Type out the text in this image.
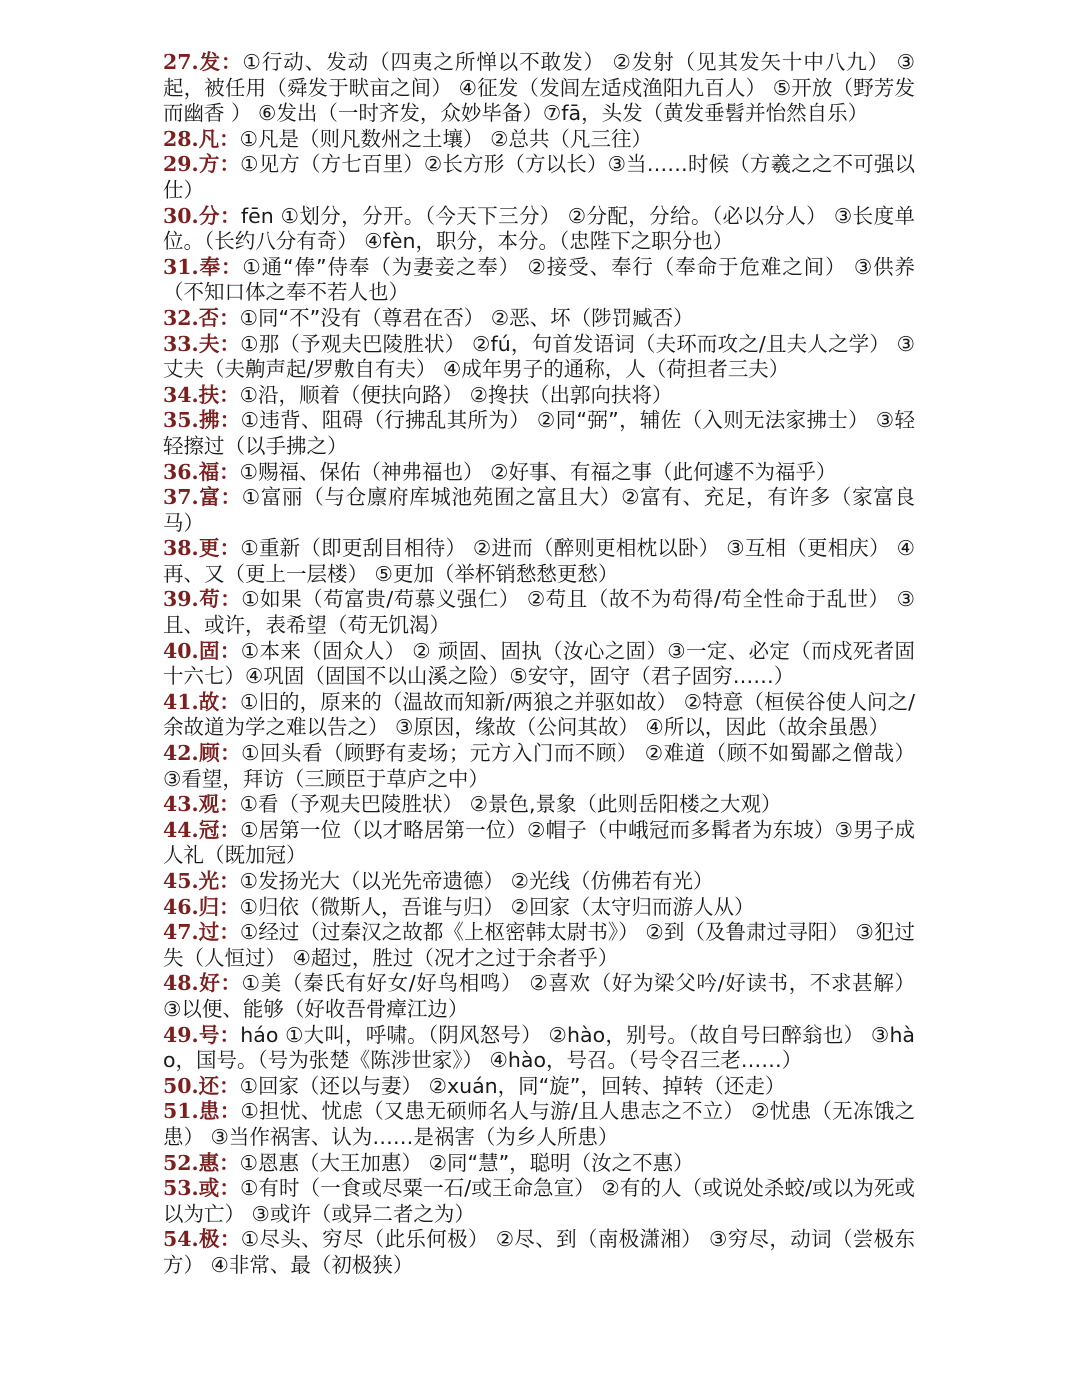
27.发：①行动、发动（四夷之所惮以不敢发） ②发射（见其发矢十中八九） ③起，被任用（舜发于畎亩之间） ④征发（发闾左适戍渔阳九百人） ⑤开放（野芳发而幽香 ） ⑥发出（一时齐发，众妙毕备）⑦fā，头发（黄发垂髫并怡然自乐）

28.凡：①凡是（则凡数州之土壤） ②总共（凡三往）

29.方：①见方（方七百里）②长方形（方以长）③当……时候（方羲之之不可强以仕）

30.分：fēn ①划分，分开。（今天下三分） ②分配，分给。（必以分人） ③长度单位。（长约八分有奇） ④fèn，职分，本分。（忠陛下之职分也）

31.奉：①通“俸”侍奉（为妻妾之奉） ②接受、奉行（奉命于危难之间） ③供养（不知口体之奉不若人也）

32.否：①同“不”没有（尊君在否） ②恶、坏（陟罚臧否）

33.夫：①那（予观夫巴陵胜状） ②fú，句首发语词（夫环而攻之/且夫人之学） ③丈夫（夫齁声起/罗敷自有夫） ④成年男子的通称，人（荷担者三夫）

34.扶：①沿，顺着（便扶向路） ②搀扶（出郭向扶将）

35.拂：①违背、阻碍（行拂乱其所为） ②同“弼”，辅佐（入则无法家拂士） ③轻轻擦过（以手拂之）

36.福：①赐福、保佑（神弗福也） ②好事、有福之事（此何遽不为福乎）

37.富：①富丽（与仓廪府库城池苑囿之富且大）②富有、充足，有许多（家富良马）

38.更：①重新（即更刮目相待） ②进而（醉则更相枕以卧） ③互相（更相庆） ④再、又（更上一层楼） ⑤更加（举杯销愁愁更愁）

39.苟：①如果（苟富贵/苟慕义强仁） ②苟且（故不为苟得/苟全性命于乱世） ③且、或许，表希望（苟无饥渴）

40.固：①本来（固众人） ② 顽固、固执（汝心之固）③一定、必定（而戍死者固十六七）④巩固（固国不以山溪之险）⑤安守，固守（君子固穷……）

41.故：①旧的，原来的（温故而知新/两狼之并驱如故） ②特意（桓侯谷使人问之/余故道为学之难以告之） ③原因，缘故（公问其故） ④所以，因此（故余虽愚）

42.顾：①回头看（顾野有麦场；元方入门而不顾） ②难道（顾不如蜀鄙之僧哉） ③看望，拜访（三顾臣于草庐之中）

43.观：①看（予观夫巴陵胜状） ②景色,景象（此则岳阳楼之大观）

44.冠：①居第一位（以才略居第一位）②帽子（中峨冠而多髯者为东坡）③男子成人礼（既加冠）

45.光：①发扬光大（以光先帝遗德） ②光线（仿佛若有光）

46.归：①归依（微斯人，吾谁与归） ②回家（太守归而游人从）

47.过：①经过（过秦汉之故都《上枢密韩太尉书》） ②到（及鲁肃过寻阳） ③犯过失（人恒过） ④超过，胜过（况才之过于余者乎）

48.好：①美（秦氏有好女/好鸟相鸣） ②喜欢（好为梁父吟/好读书，不求甚解） ③以便、能够（好收吾骨瘴江边）

49.号：háo ①大叫，呼啸。（阴风怒号） ②hào，别号。（故自号曰醉翁也） ③hào，国号。（号为张楚《陈涉世家》） ④hào，号召。（号令召三老……）

50.还：①回家（还以与妻） ②xuán，同“旋”，回转、掉转（还走）

51.患：①担忧、忧虑（又患无硕师名人与游/且人患志之不立） ②忧患（无冻饿之患） ③当作祸害、认为……是祸害（为乡人所患）

52.惠：①恩惠（大王加惠） ②同“慧”，聪明（汝之不惠）

53.或：①有时（一食或尽粟一石/或王命急宣） ②有的人（或说处杀蛟/或以为死或以为亡） ③或许（或异二者之为）

54.极：①尽头、穷尽（此乐何极） ②尽、到（南极潇湘） ③穷尽，动词（尝极东方） ④非常、最（初极狭）
